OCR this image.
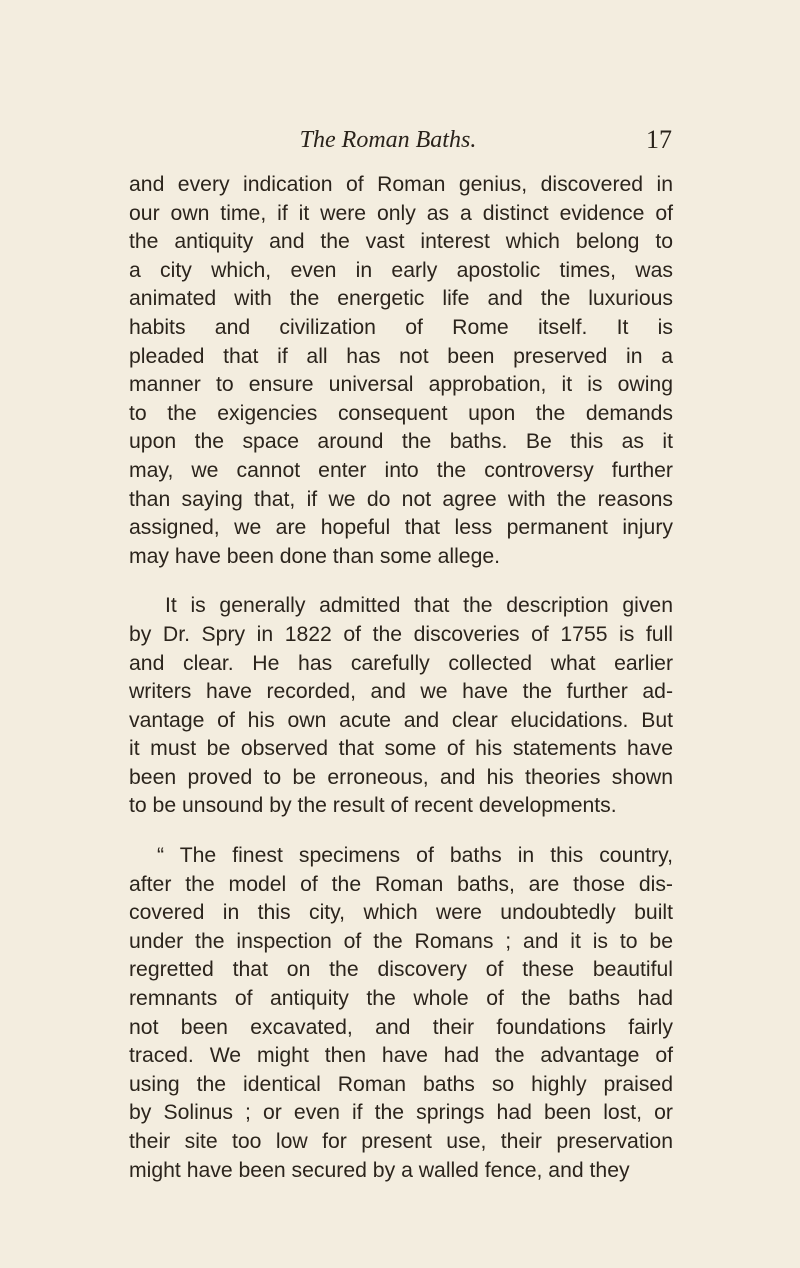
The Roman Baths.	17

and every indication of Roman genius, discovered in
our own time, if it were only as a distinct evidence of
the antiquity and the vast interest which belong to
a city which, even in early apostolic times, was
animated with the energetic life and the luxurious
habits and civilization of Rome itself. It is
pleaded that if all has not been preserved in a
manner to ensure universal approbation, it is owing
to the exigencies consequent upon the demands
upon the space around the baths. Be this as it
may, we cannot enter into the controversy further
than saying that, if we do not agree with the reasons
assigned, we are hopeful that less permanent injury
may have been done than some allege.

It is generally admitted that the description given
by Dr. Spry in 1822 of the discoveries of 1755 is full
and clear. He has carefully collected what earlier
writers have recorded, and we have the further ad-
vantage of his own acute and clear elucidations. But
it must be observed that some of his statements have
been proved to be erroneous, and his theories shown
to be unsound by the result of recent developments.

“ The finest specimens of baths in this country,
after the model of the Roman baths, are those dis-
covered in this city, which were undoubtedly built
under the inspection of the Romans ; and it is to be
regretted that on the discovery of these beautiful
remnants of antiquity the whole of the baths had
not been excavated, and their foundations fairly
traced. We might then have had the advantage of
using the identical Roman baths so highly praised
by Solinus ; or even if the springs had been lost, or
their site too low for present use, their preservation
might have been secured by a walled fence, and they
